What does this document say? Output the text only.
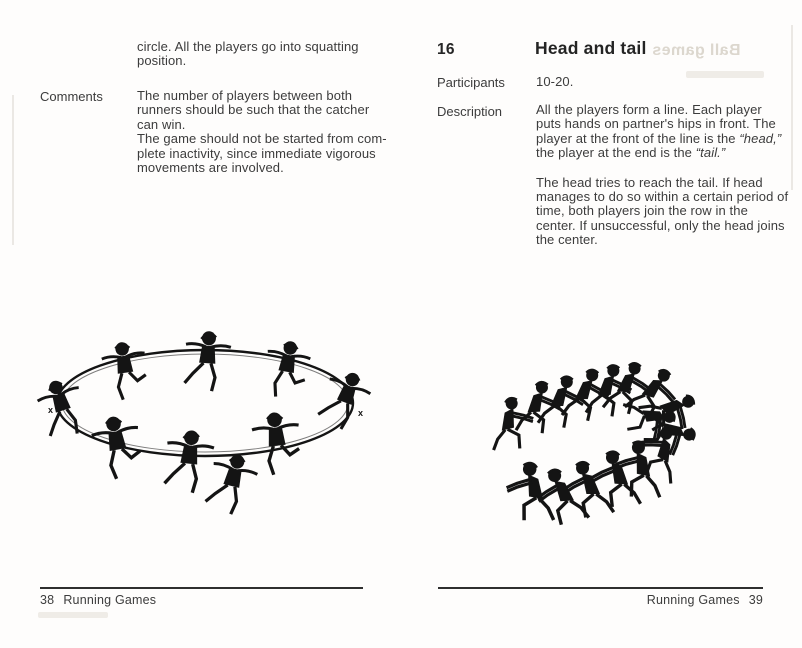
Ball games
circle. All the players go into squatting
position.
Comments	The number of players between both
runners should be such that the catcher
can win.
The game should not be started from com-
plete inactivity, since immediate vigorous
movements are involved.
x	x
38 Running Games
16	Head and tail
Participants 10-20.
Description	All the players form a line. Each player
puts hands on partner's hips in front. The
player at the front of the line is the “head,”
the player at the end is the “tail.”
The head tries to reach the tail. If head
manages to do so within a certain period of
time, both players join the row in the
center. If unsuccessful, only the head joins
the center.
Running Games 39
